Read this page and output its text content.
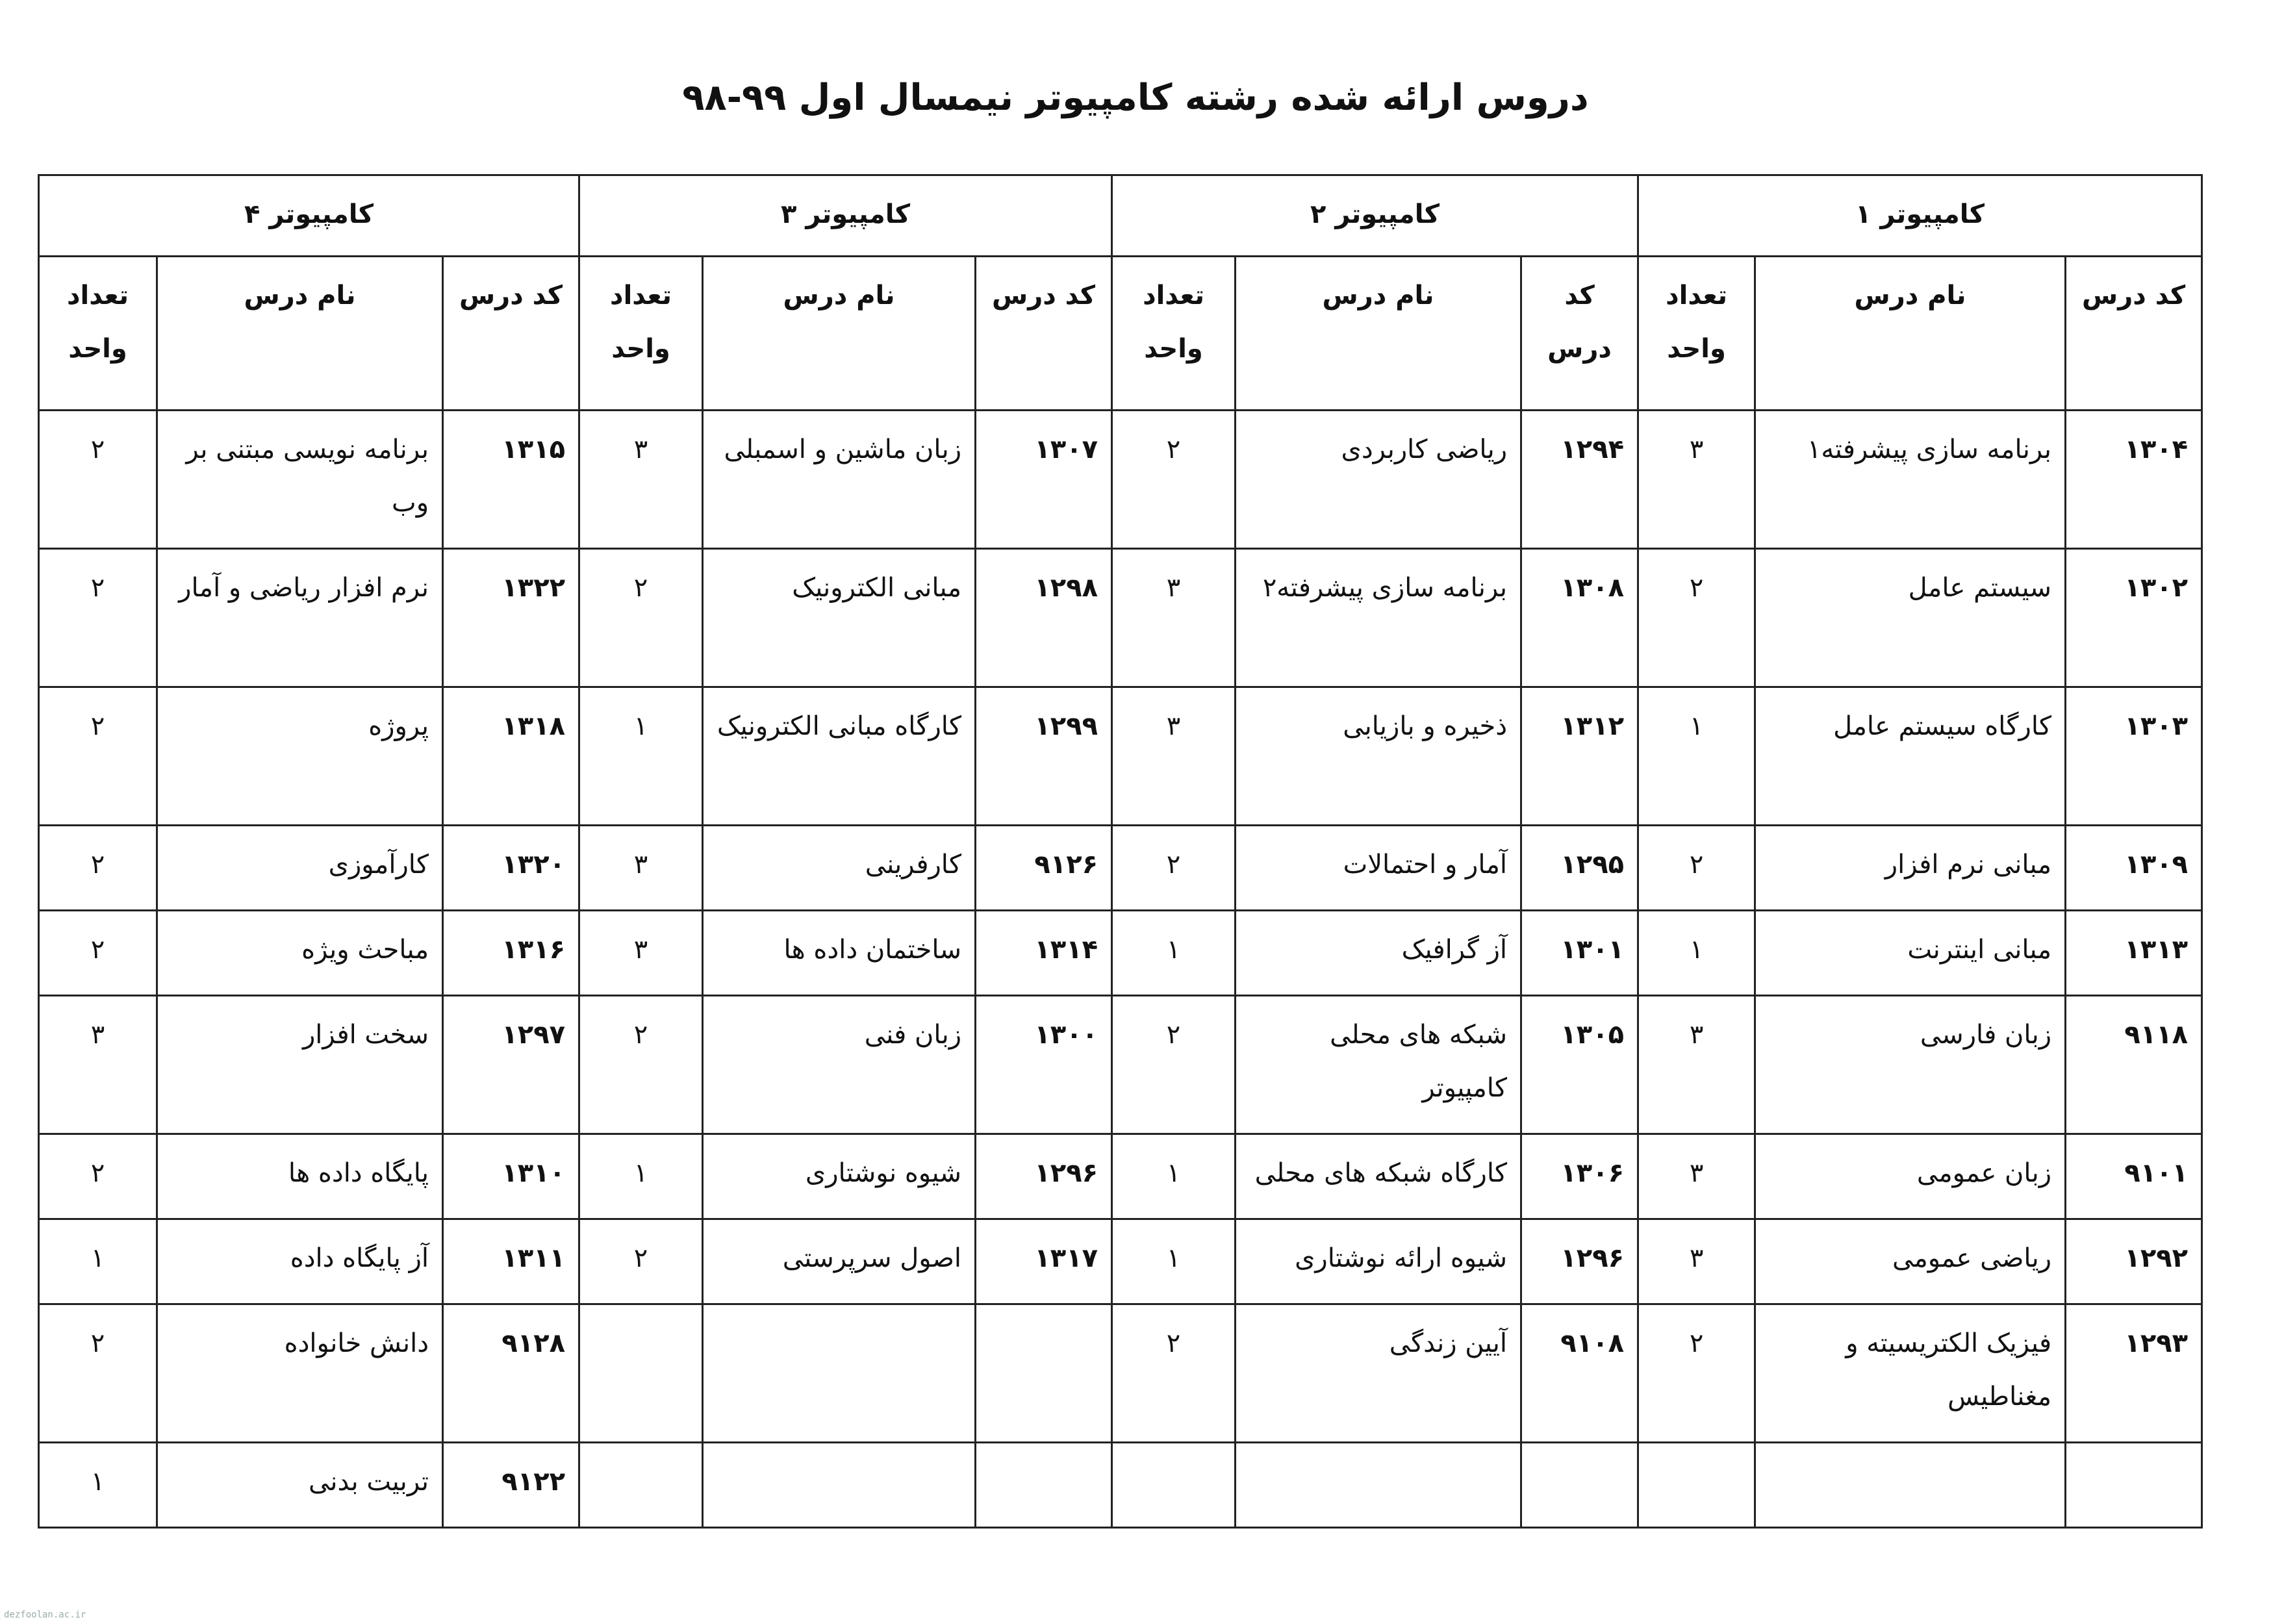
دروس ارائه شده رشته کامپیوتر نیمسال اول ۹۹-۹۸
کامپیوتر ۱			کامپیوتر ۲			کامپیوتر ۳			کامپیوتر ۴		
کد درس	نام درس	تعداد واحد	کد درس	نام درس	تعداد واحد	کد درس	نام درس	تعداد واحد	کد درس	نام درس	تعداد واحد
۱۳۰۴	برنامه سازی پیشرفته۱	۳	۱۲۹۴	ریاضی کاربردی	۲	۱۳۰۷	زبان ماشین و اسمبلی	۳	۱۳۱۵	برنامه نویسی مبتنی بر وب	۲
۱۳۰۲	سیستم عامل	۲	۱۳۰۸	برنامه سازی پیشرفته۲	۳	۱۲۹۸	مبانی الکترونیک	۲	۱۳۲۲	نرم افزار ریاضی و آمار	۲
۱۳۰۳	کارگاه سیستم عامل	۱	۱۳۱۲	ذخیره و بازیابی	۳	۱۲۹۹	کارگاه مبانی الکترونیک	۱	۱۳۱۸	پروژه	۲
۱۳۰۹	مبانی نرم افزار	۲	۱۲۹۵	آمار و احتمالات	۲	۹۱۲۶	کارفرینی	۳	۱۳۲۰	کارآموزی	۲
۱۳۱۳	مبانی اینترنت	۱	۱۳۰۱	آز گرافیک	۱	۱۳۱۴	ساختمان داده ها	۳	۱۳۱۶	مباحث ویژه	۲
۹۱۱۸	زبان فارسی	۳	۱۳۰۵	شبکه های محلی کامپیوتر	۲	۱۳۰۰	زبان فنی	۲	۱۲۹۷	سخت افزار	۳
۹۱۰۱	زبان عمومی	۳	۱۳۰۶	کارگاه شبکه های محلی	۱	۱۲۹۶	شیوه نوشتاری	۱	۱۳۱۰	پایگاه داده ها	۲
۱۲۹۲	ریاضی عمومی	۳	۱۲۹۶	شیوه ارائه نوشتاری	۱	۱۳۱۷	اصول سرپرستی	۲	۱۳۱۱	آز پایگاه داده	۱
۱۲۹۳	فیزیک الکتریسیته و مغناطیس	۲	۹۱۰۸	آیین زندگی	۲				۹۱۲۸	دانش خانواده	۲
									۹۱۲۲	تربیت بدنی	۱
dezfoolan.ac.ir
